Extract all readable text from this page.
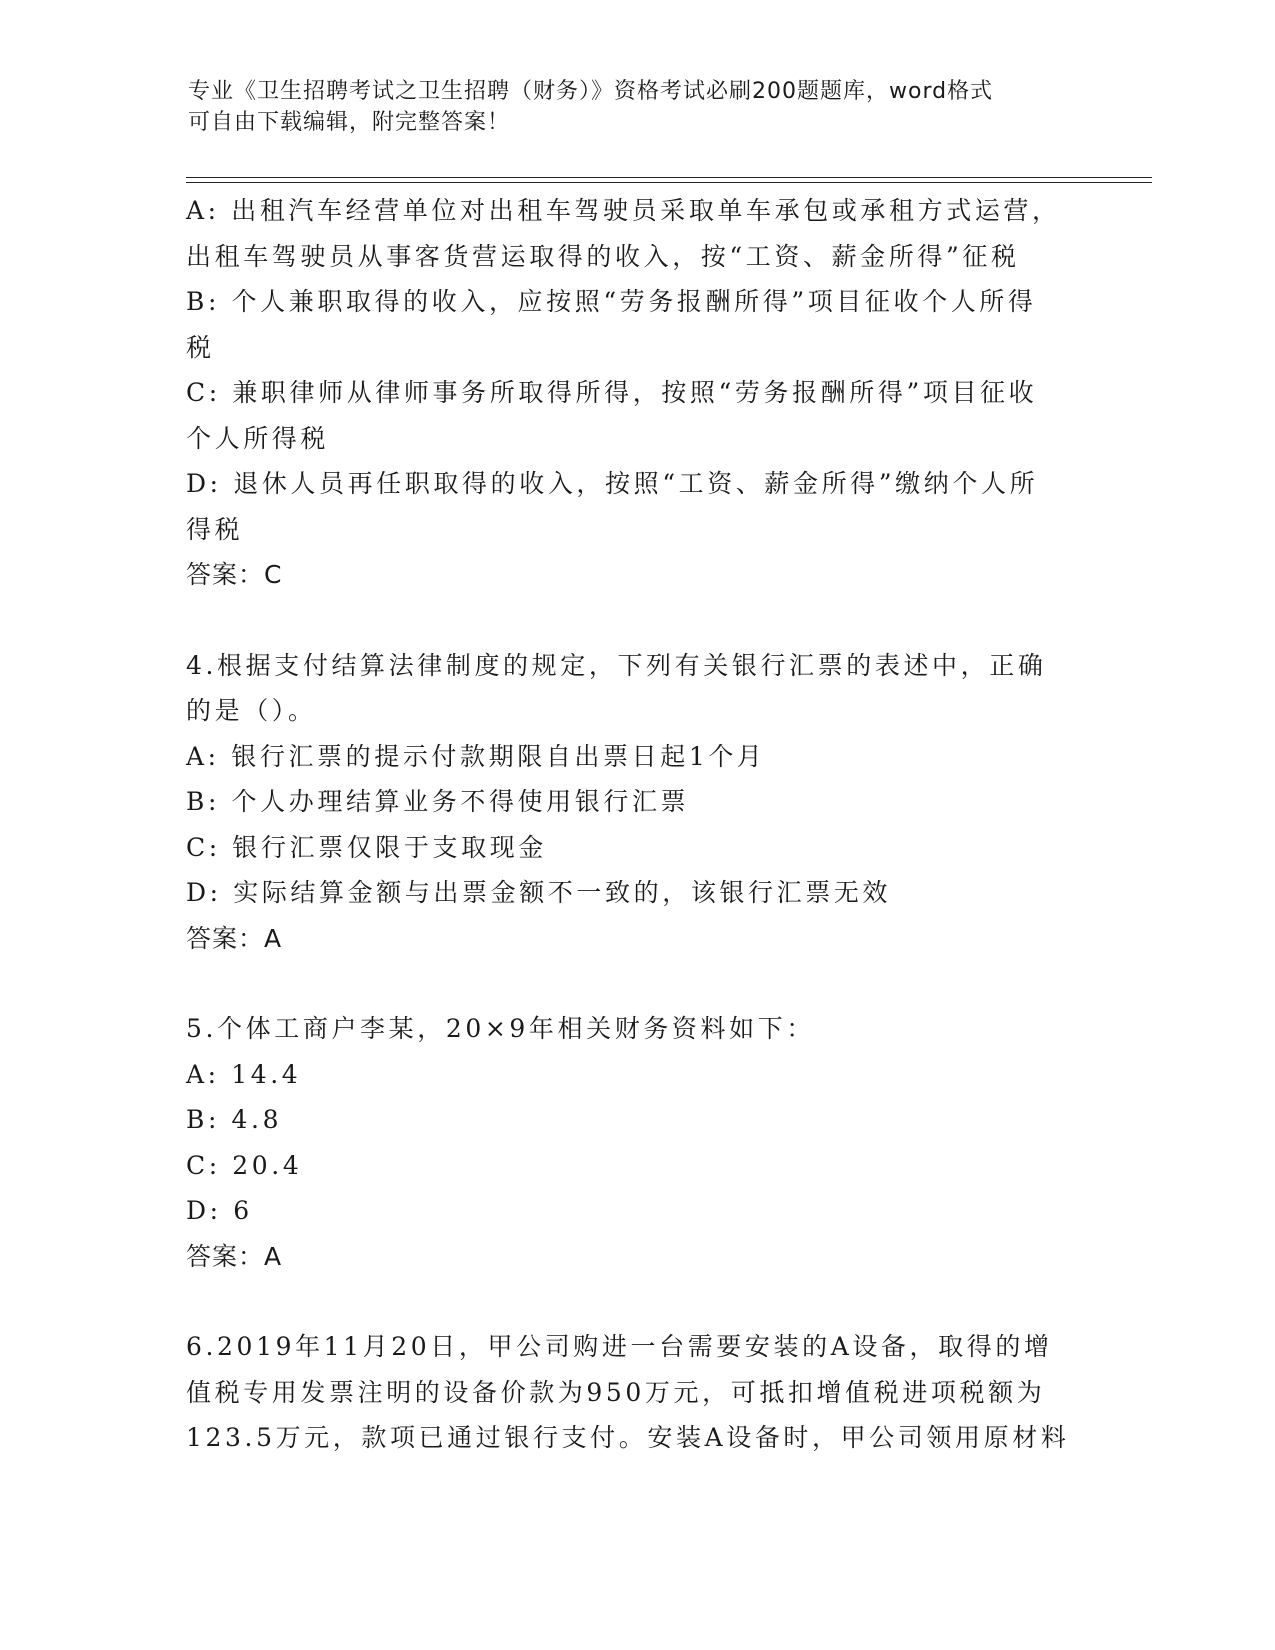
专业《卫生招聘考试之卫生招聘（财务）》资格考试必刷200题题库，word格式
可自由下载编辑，附完整答案！

A: 出租汽车经营单位对出租车驾驶员采取单车承包或承租方式运营，

出租车驾驶员从事客货营运取得的收入，按“工资、薪金所得”征税

B: 个人兼职取得的收入，应按照“劳务报酬所得”项目征收个人所得

税

C: 兼职律师从律师事务所取得所得，按照“劳务报酬所得”项目征收

个人所得税

D: 退休人员再任职取得的收入，按照“工资、薪金所得”缴纳个人所

得税

答案：C

4.根据支付结算法律制度的规定，下列有关银行汇票的表述中，正确

的是（）。

A: 银行汇票的提示付款期限自出票日起1个月

B: 个人办理结算业务不得使用银行汇票

C: 银行汇票仅限于支取现金

D: 实际结算金额与出票金额不一致的，该银行汇票无效

答案：A

5.个体工商户李某，20×9年相关财务资料如下：

A: 14.4

B: 4.8

C: 20.4

D: 6

答案：A

6.2019年11月20日，甲公司购进一台需要安装的A设备，取得的增

值税专用发票注明的设备价款为950万元，可抵扣增值税进项税额为

123.5万元，款项已通过银行支付。安装A设备时，甲公司领用原材料
